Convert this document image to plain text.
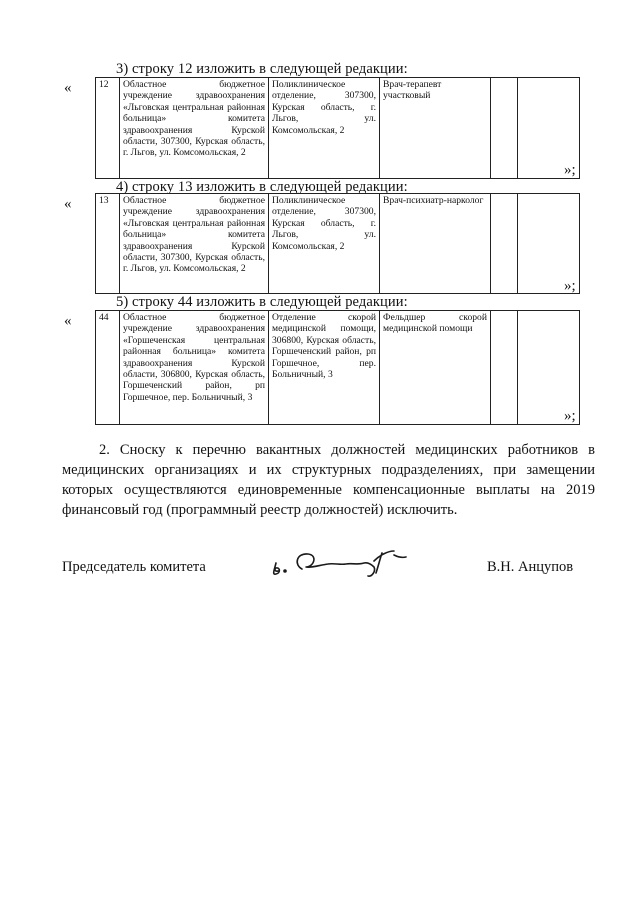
3) строку 12 изложить в следующей редакции:
«	12	Областное бюджетное учреждение здравоохранения «Льговская центральная районная больница» комитета здравоохранения Курской области, 307300, Курская область, г. Льгов, ул. Комсомольская, 2	Поликлиническое отделение, 307300, Курская область, г. Льгов, ул. Комсомольская, 2	Врач-терапевт участковый		
»;
4) строку 13 изложить в следующей редакции:
«	13	Областное бюджетное учреждение здравоохранения «Льговская центральная районная больница» комитета здравоохранения Курской области, 307300, Курская область, г. Льгов, ул. Комсомольская, 2	Поликлиническое отделение, 307300, Курская область, г. Льгов, ул. Комсомольская, 2	Врач-психиатр-нарколог		
»;
5) строку 44 изложить в следующей редакции:
«	44	Областное бюджетное учреждение здравоохранения «Горшеченская центральная районная больница» комитета здравоохранения Курской области, 306800, Курская область, Горшеченский район, рп Горшечное, пер. Больничный, 3	Отделение скорой медицинской помощи, 306800, Курская область, Горшеченский район, рп Горшечное, пер. Больничный, 3	Фельдшер скорой медицинской помощи		
»;
2. Сноску к перечню вакантных должностей медицинских работников в медицинских организациях и их структурных подразделениях, при замещении которых осуществляются единовременные компенсационные выплаты на 2019 финансовый год (программный реестр должностей) исключить.
Председатель комитета	В.Н. Анцупов
